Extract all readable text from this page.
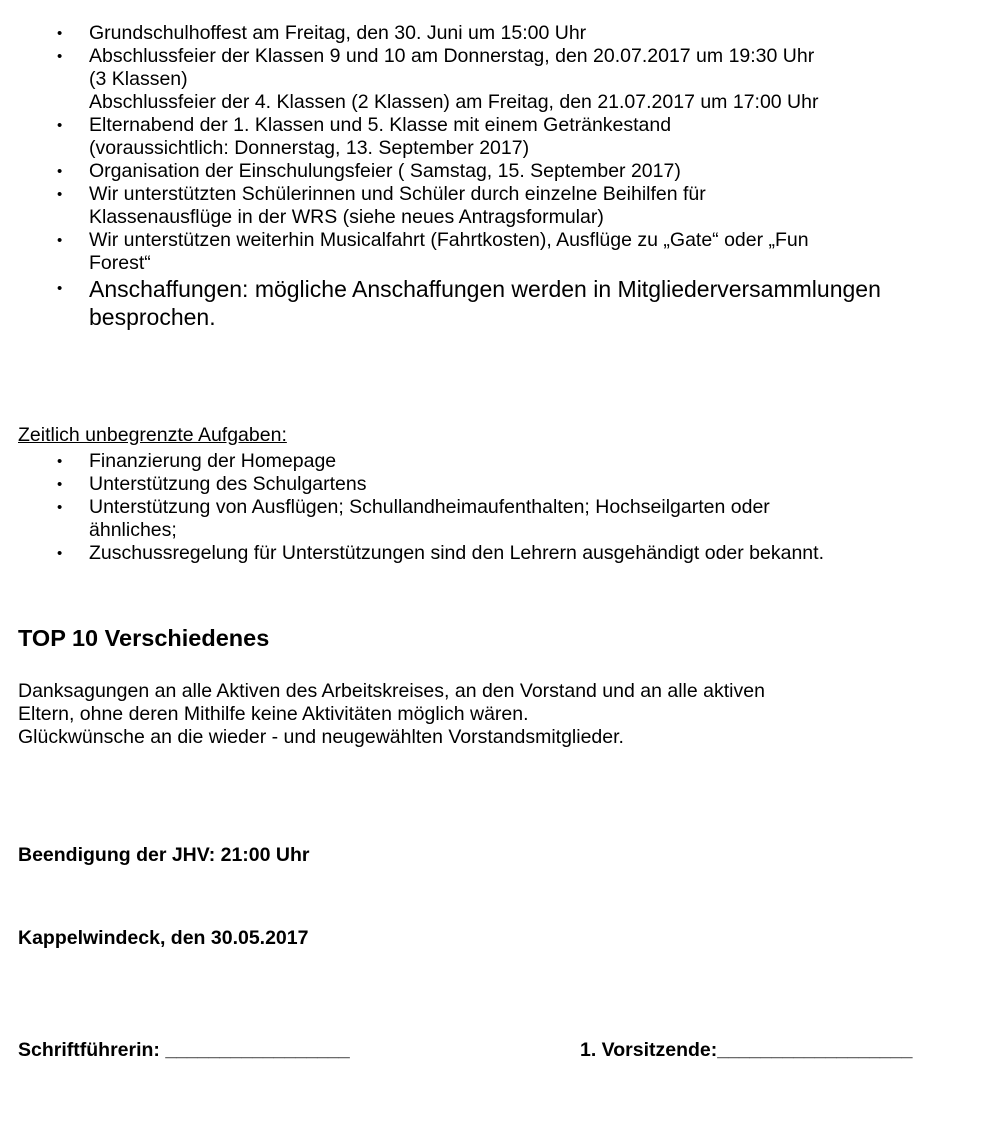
• Grundschulhoffest am Freitag, den 30. Juni um 15:00 Uhr
• Abschlussfeier der Klassen 9 und 10 am Donnerstag, den 20.07.2017 um 19:30 Uhr
(3 Klassen)
Abschlussfeier der 4. Klassen (2 Klassen) am Freitag, den 21.07.2017 um 17:00 Uhr
• Elternabend der 1. Klassen und 5. Klasse mit einem Getränkestand
(voraussichtlich: Donnerstag, 13. September 2017)
• Organisation der Einschulungsfeier ( Samstag, 15. September 2017)
• Wir unterstützten Schülerinnen und Schüler durch einzelne Beihilfen für
Klassenausflüge in der WRS (siehe neues Antragsformular)
• Wir unterstützen weiterhin Musicalfahrt (Fahrtkosten), Ausflüge zu „Gate“ oder „Fun
Forest“
• Anschaffungen: mögliche Anschaffungen werden in Mitgliederversammlungen
besprochen.
Zeitlich unbegrenzte Aufgaben:
• Finanzierung der Homepage
• Unterstützung des Schulgartens
• Unterstützung von Ausflügen; Schullandheimaufenthalten; Hochseilgarten oder
ähnliches;
• Zuschussregelung für Unterstützungen sind den Lehrern ausgehändigt oder bekannt.
TOP 10 Verschiedenes
Danksagungen an alle Aktiven des Arbeitskreises, an den Vorstand und an alle aktiven
Eltern, ohne deren Mithilfe keine Aktivitäten möglich wären.
Glückwünsche an die wieder - und neugewählten Vorstandsmitglieder.
Beendigung der JHV: 21:00 Uhr
Kappelwindeck, den 30.05.2017
Schriftführerin: _________________	1. Vorsitzende:__________________
